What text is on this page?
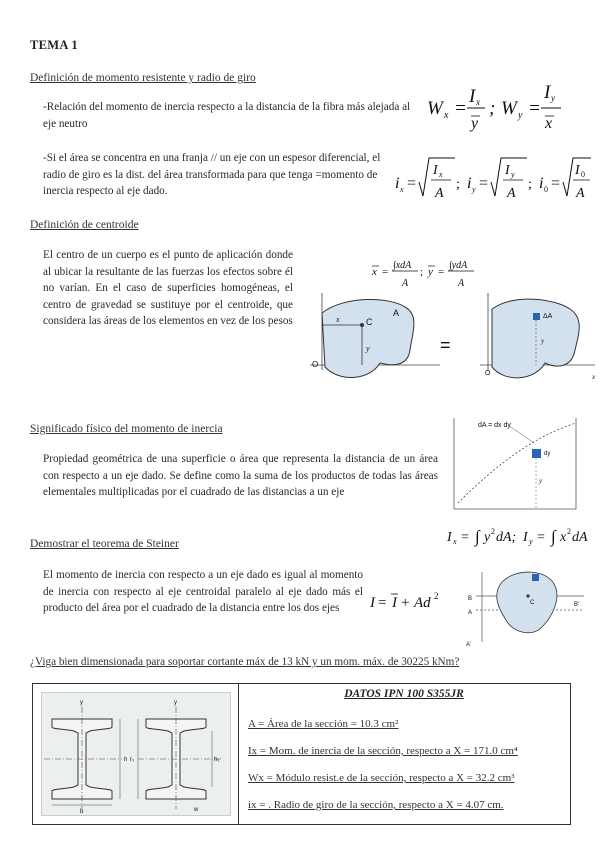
TEMA 1
Definición de momento resistente y radio de giro
-Relación del momento de inercia respecto a la distancia de la fibra más alejada al eje neutro
W x =
I x
y
; W y =
I y
x
-Si el área se concentra en una franja // un eje con un espesor diferencial, el radio de giro es la dist. del área transformada para que tenga =momento de inercia respecto al eje dado.	i x =
I x
A
; i y =
I y
A
; i 0 =
I 0
A
Definición de centroide
El centro de un cuerpo es el punto de aplicación donde al ubicar la resultante de las fuerzas los efectos sobre él no varían. En el caso de superficies homogéneas, el centro de gravedad se sustituye por el centroide, que considera las áreas de los elementos en vez de los pesos
x =
∫xdA
A
; y =
∫ydA
A
C
A
O
x
y	=
ΔA
O
y
x
Significado físico del momento de inercia
Propiedad geométrica de una superficie o área que representa la distancia de un área con respecto a un eje dado. Se define como la suma de los productos de todas las áreas elementales multiplicadas por el cuadrado de las distancias a un eje
dA = dx dy
y
dy
I x = ∫ y 2 dA; I y = ∫ x 2 dA
Demostrar el teorema de Steiner
El momento de inercia con respecto a un eje dado es igual al momento de inercia con respecto al eje centroidal paralelo al eje dado más el producto del área por el cuadrado de la distancia entre los dos ejes	I = I + Ad 2	B
A
A'
B'
C
¿Viga bien dimensionada para soportar cortante máx de 13 kN y un mom. máx. de 30225 kNm?
y
h
b
h₁
r₁
w
y
DATOS IPN 100 S355JR
A = Área de la sección = 10.3 cm²
Ix = Mom. de inercia de la sección, respecto a X = 171.0 cm⁴
Wx = Módulo resist.e de la sección, respecto a X = 32.2 cm³
ix = . Radio de giro de la sección, respecto a X = 4.07 cm.
